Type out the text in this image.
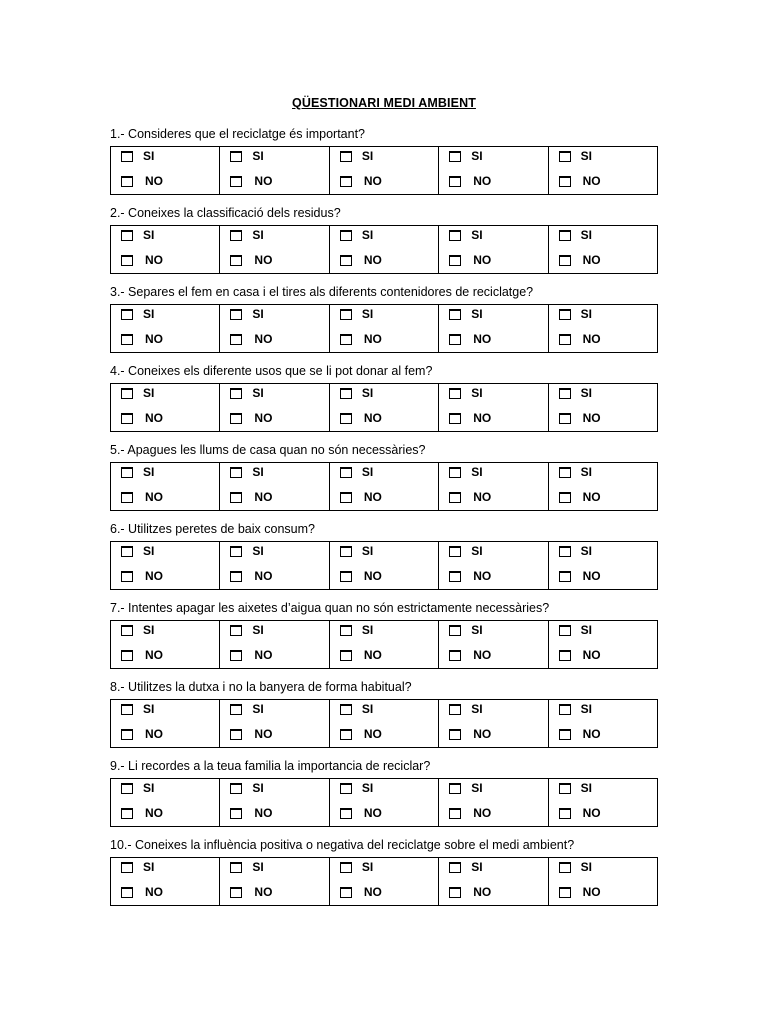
QÜESTIONARI MEDI AMBIENT
1.- Consideres que el reciclatge és important?
SI
NO
SI
NO
SI
NO
SI
NO
SI
NO
2.- Coneixes la classificació dels residus?
SI
NO
SI
NO
SI
NO
SI
NO
SI
NO
3.- Separes el fem en casa i el tires als diferents contenidores de reciclatge?
SI
NO
SI
NO
SI
NO
SI
NO
SI
NO
4.- Coneixes els diferente usos que se li pot donar al fem?
SI
NO
SI
NO
SI
NO
SI
NO
SI
NO
5.- Apagues les llums de casa quan no són necessàries?
SI
NO
SI
NO
SI
NO
SI
NO
SI
NO
6.- Utilitzes peretes de baix consum?
SI
NO
SI
NO
SI
NO
SI
NO
SI
NO
7.- Intentes apagar les aixetes d’aigua quan no són estrictamente necessàries?
SI
NO
SI
NO
SI
NO
SI
NO
SI
NO
8.- Utilitzes la dutxa i no la banyera de forma habitual?
SI
NO
SI
NO
SI
NO
SI
NO
SI
NO
9.- Li recordes a la teua familia la importancia de reciclar?
SI
NO
SI
NO
SI
NO
SI
NO
SI
NO
10.- Coneixes la influència positiva o negativa del reciclatge sobre el medi ambient?
SI
NO
SI
NO
SI
NO
SI
NO
SI
NO
